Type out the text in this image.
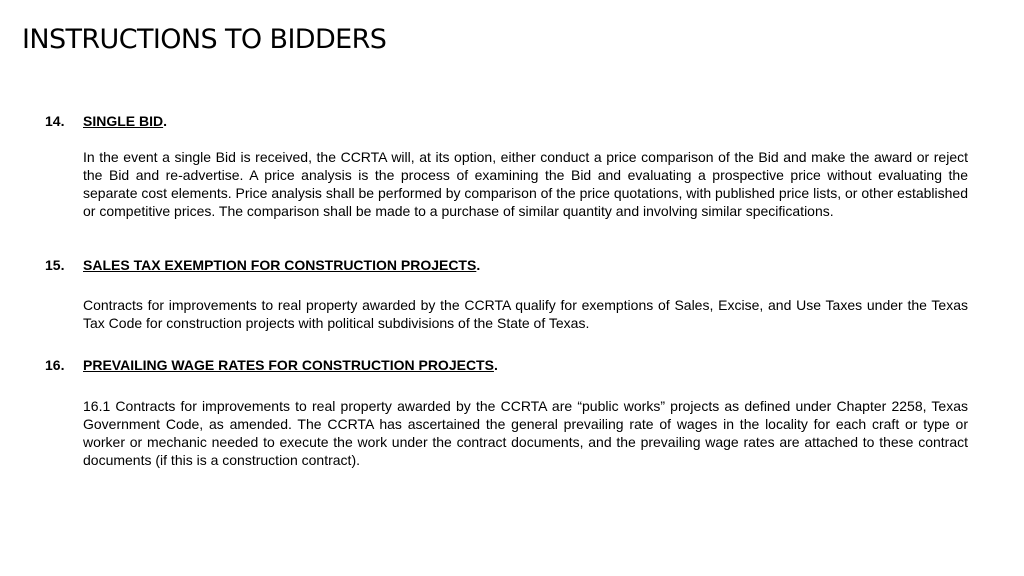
INSTRUCTIONS TO BIDDERS
14. SINGLE BID.

In the event a single Bid is received, the CCRTA will, at its option, either conduct a price comparison of the Bid and make the award or reject the Bid and re-advertise. A price analysis is the process of examining the Bid and evaluating a prospective price without evaluating the separate cost elements. Price analysis shall be performed by comparison of the price quotations, with published price lists, or other established or competitive prices. The comparison shall be made to a purchase of similar quantity and involving similar specifications.

15. SALES TAX EXEMPTION FOR CONSTRUCTION PROJECTS.

Contracts for improvements to real property awarded by the CCRTA qualify for exemptions of Sales, Excise, and Use Taxes under the Texas Tax Code for construction projects with political subdivisions of the State of Texas.

16. PREVAILING WAGE RATES FOR CONSTRUCTION PROJECTS.

16.1 Contracts for improvements to real property awarded by the CCRTA are “public works” projects as defined under Chapter 2258, Texas Government Code, as amended. The CCRTA has ascertained the general prevailing rate of wages in the locality for each craft or type or worker or mechanic needed to execute the work under the contract documents, and the prevailing wage rates are attached to these contract documents (if this is a construction contract).
